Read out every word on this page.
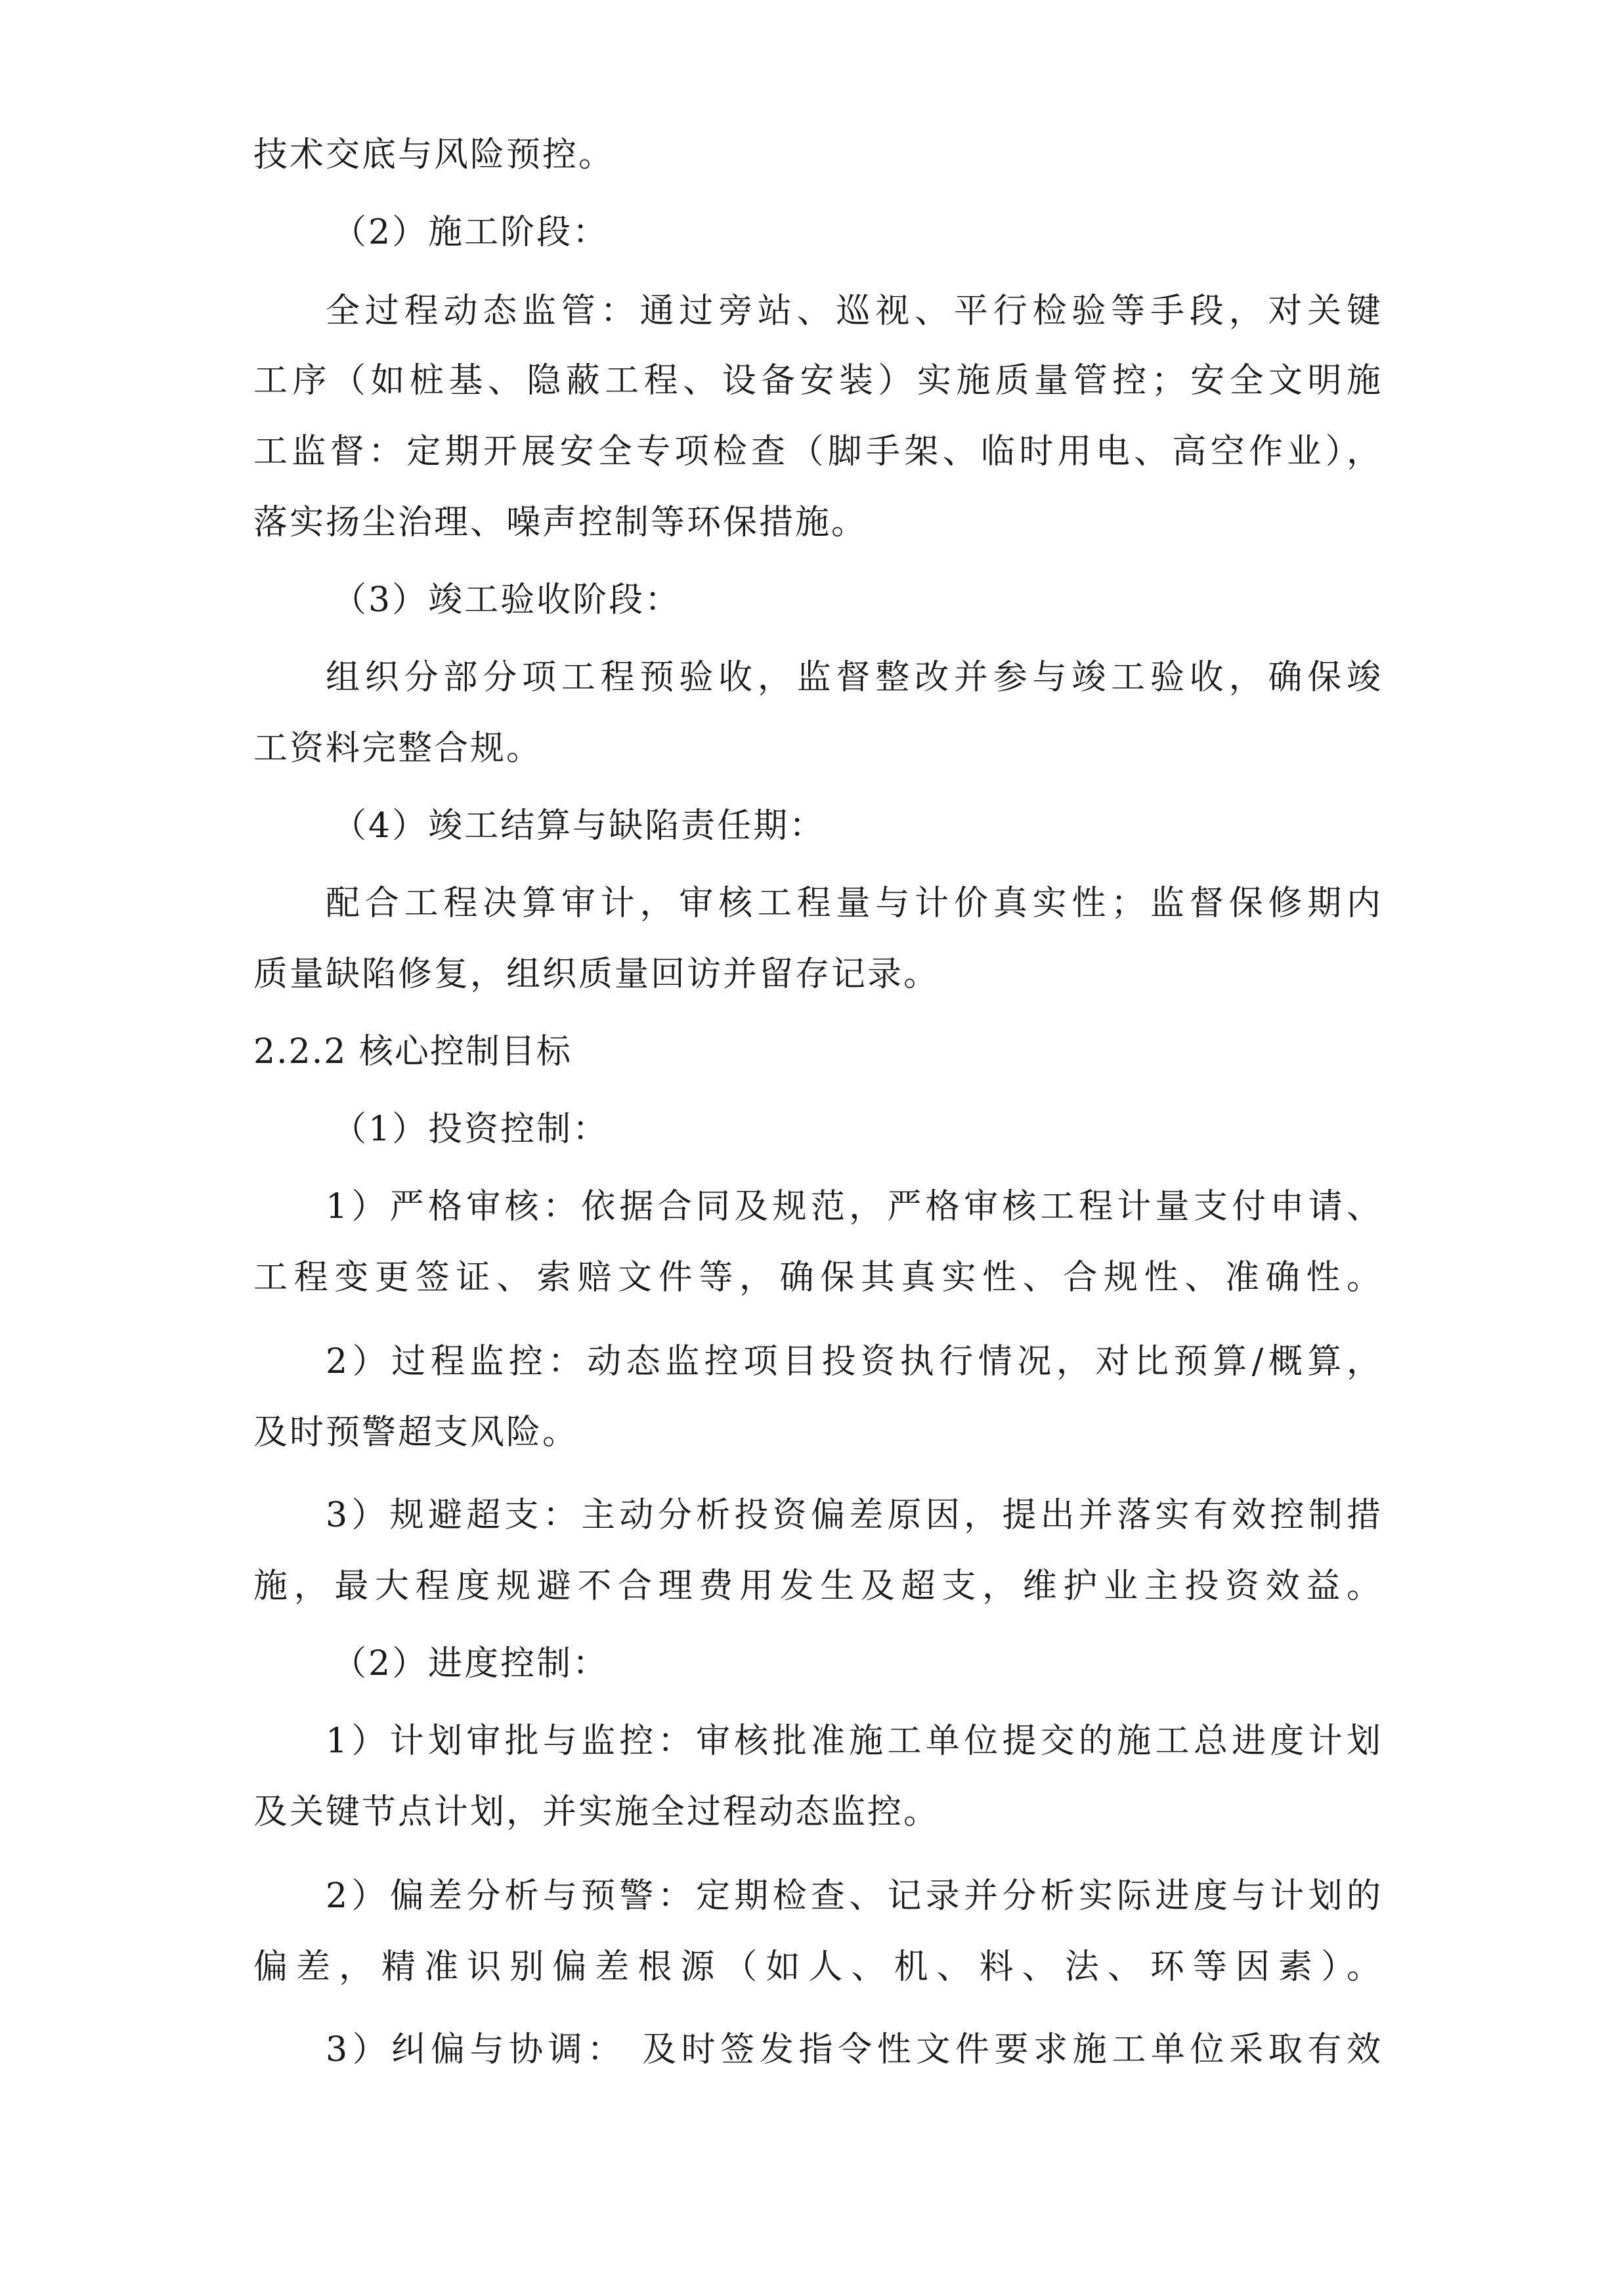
技术交底与风险预控。
（2）施工阶段：
全过程动态监管：通过旁站、巡视、平行检验等手段，对关键
工序（如桩基、隐蔽工程、设备安装）实施质量管控；安全文明施
工监督：定期开展安全专项检查（脚手架、临时用电、高空作业），
落实扬尘治理、噪声控制等环保措施。
（3）竣工验收阶段：
组织分部分项工程预验收，监督整改并参与竣工验收，确保竣
工资料完整合规。
（4）竣工结算与缺陷责任期：
配合工程决算审计，审核工程量与计价真实性；监督保修期内
质量缺陷修复，组织质量回访并留存记录。
2.2.2 核心控制目标
（1）投资控制：
1）严格审核：依据合同及规范，严格审核工程计量支付申请、
工程变更签证、索赔文件等，确保其真实性、合规性、准确性。
2）过程监控：动态监控项目投资执行情况，对比预算/概算，
及时预警超支风险。
3）规避超支：主动分析投资偏差原因，提出并落实有效控制措
施，最大程度规避不合理费用发生及超支，维护业主投资效益。
（2）进度控制：
1）计划审批与监控：审核批准施工单位提交的施工总进度计划
及关键节点计划，并实施全过程动态监控。
2）偏差分析与预警：定期检查、记录并分析实际进度与计划的
偏差，精准识别偏差根源（如人、机、料、法、环等因素）。
3）纠偏与协调： 及时签发指令性文件要求施工单位采取有效
